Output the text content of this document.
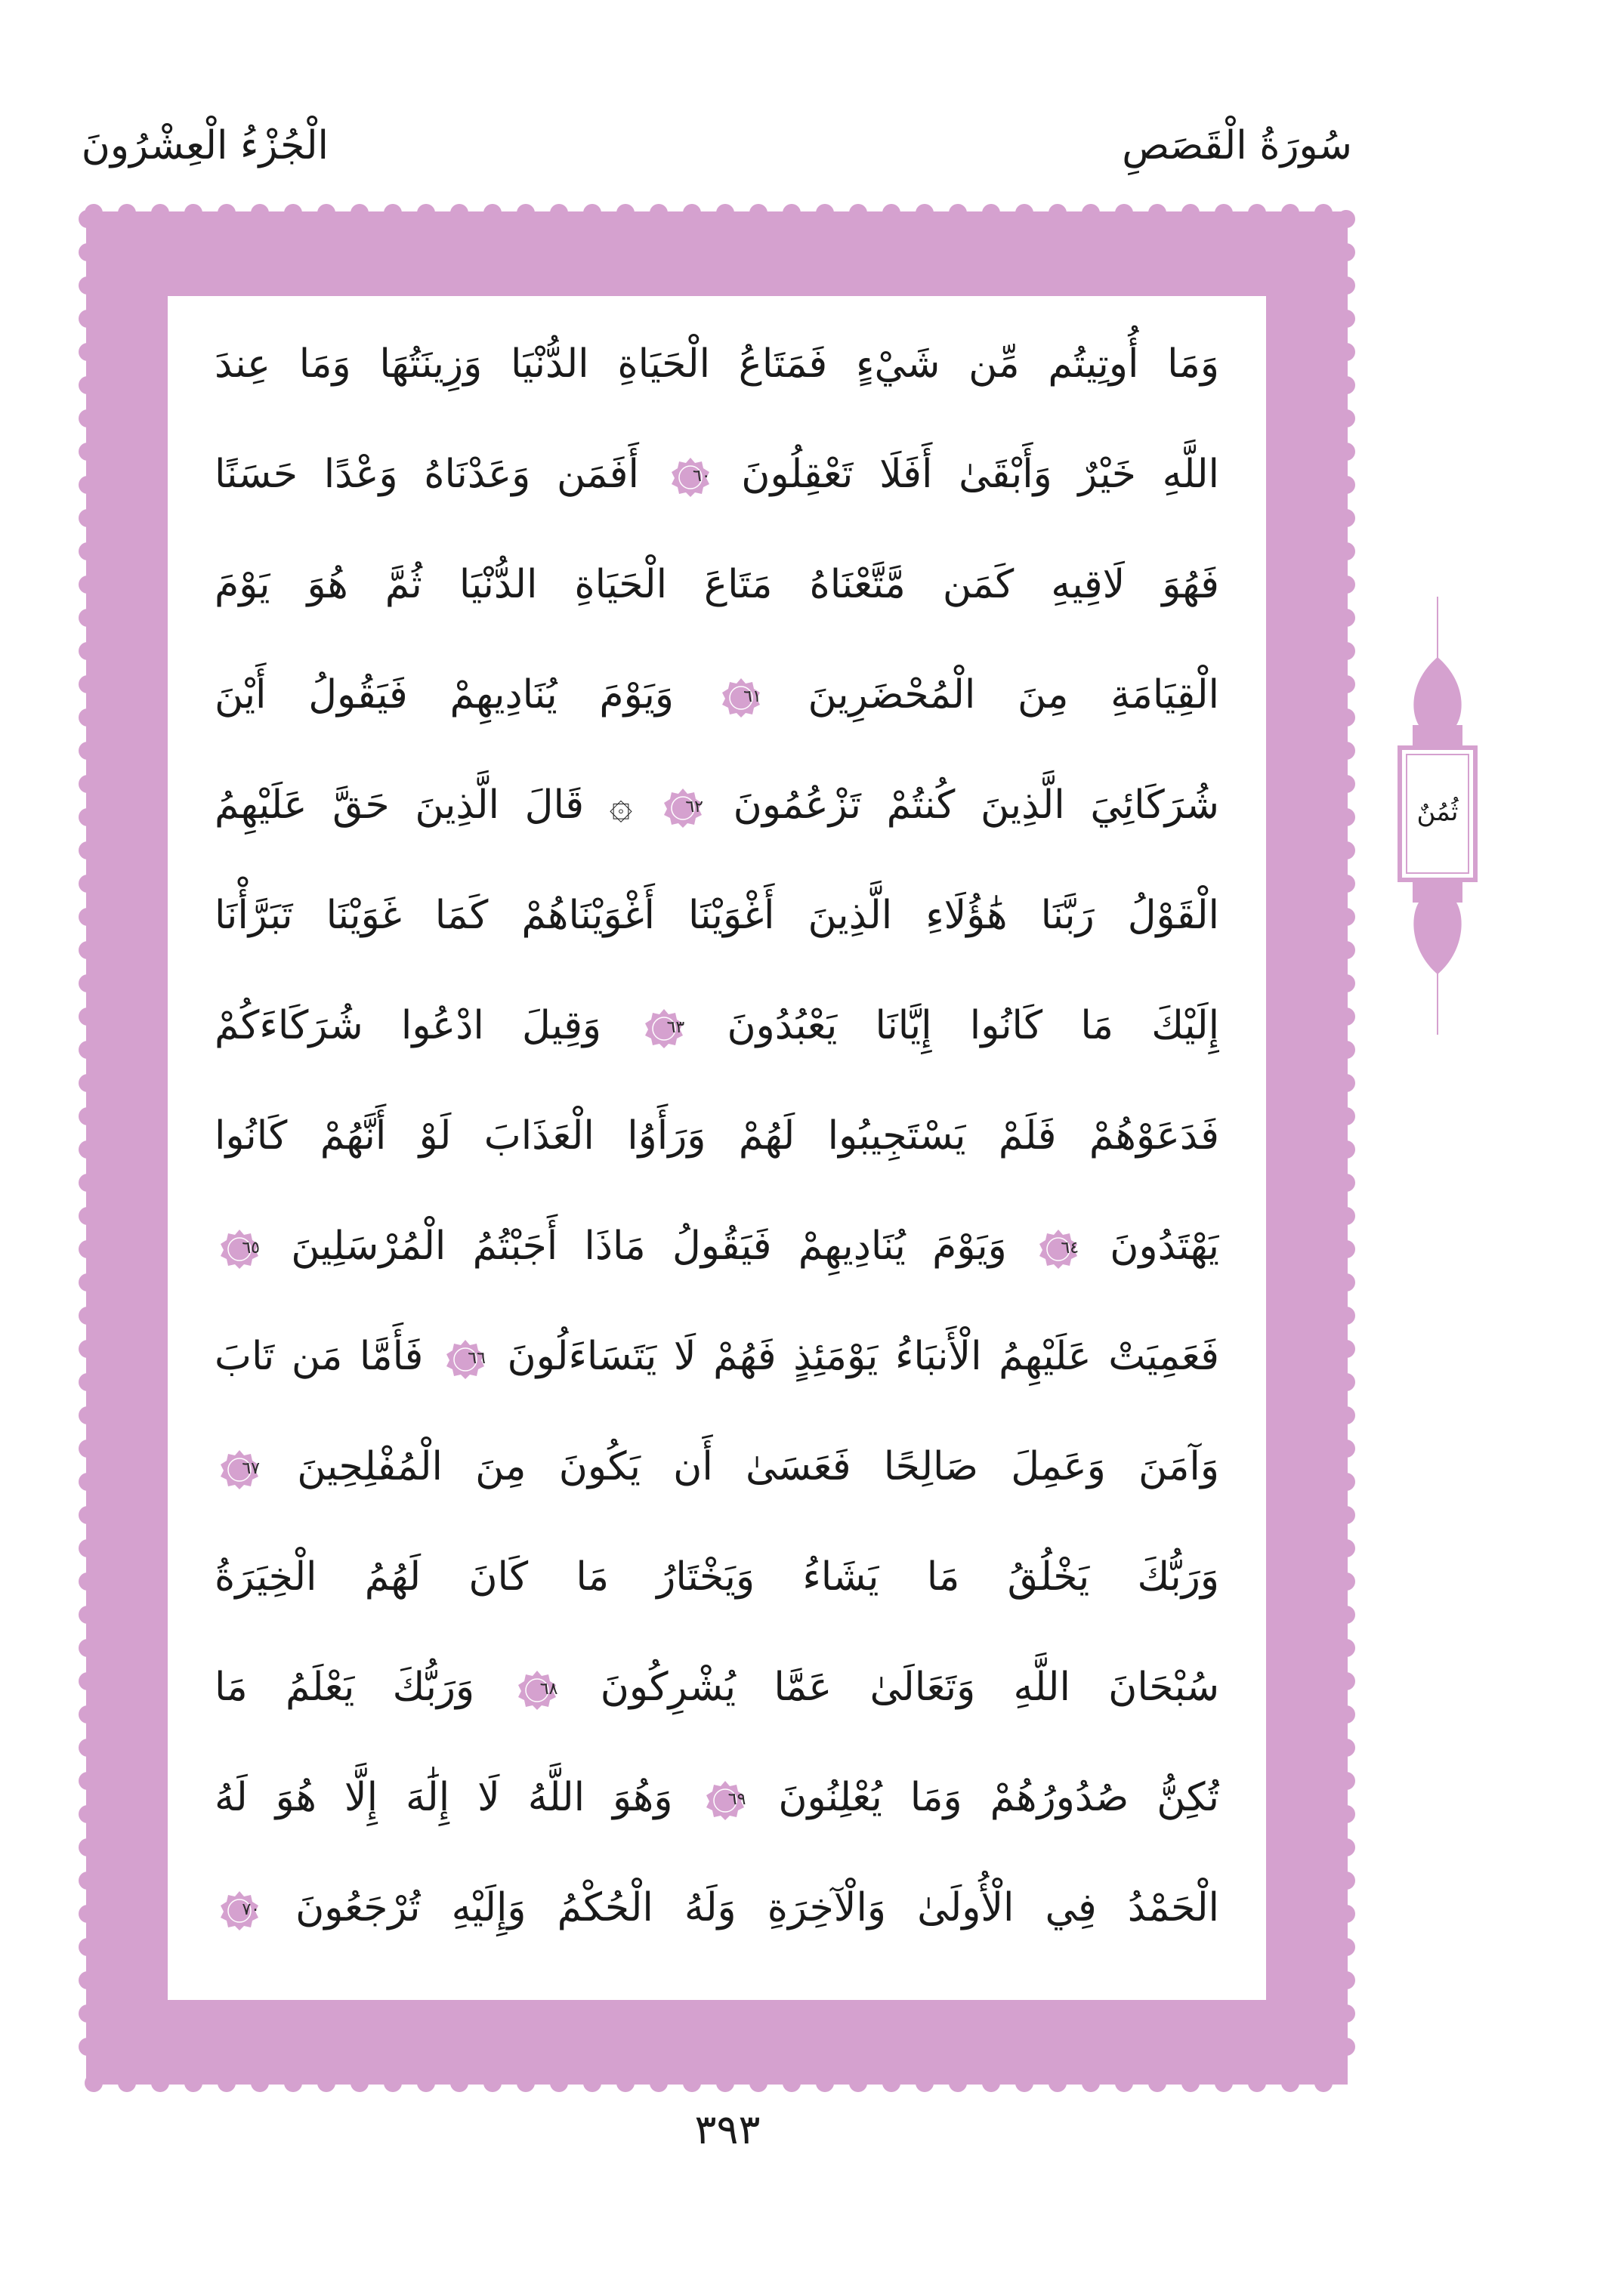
سُورَةُ الْقَصَصِ
الْجُزْءُ الْعِشْرُونَ
وَمَا أُوتِيتُم مِّن شَيْءٍ فَمَتَاعُ الْحَيَاةِ الدُّنْيَا وَزِينَتُهَا وَمَا عِندَ
اللَّهِ خَيْرٌ وَأَبْقَىٰ أَفَلَا تَعْقِلُونَ
٦٠
أَفَمَن وَعَدْنَاهُ وَعْدًا حَسَنًا
فَهُوَ لَاقِيهِ كَمَن مَّتَّعْنَاهُ مَتَاعَ الْحَيَاةِ الدُّنْيَا ثُمَّ هُوَ يَوْمَ
الْقِيَامَةِ مِنَ الْمُحْضَرِينَ
٦١
وَيَوْمَ يُنَادِيهِمْ فَيَقُولُ أَيْنَ
شُرَكَائِيَ الَّذِينَ كُنتُمْ تَزْعُمُونَ
٦٢
۞ قَالَ الَّذِينَ حَقَّ عَلَيْهِمُ
الْقَوْلُ رَبَّنَا هَٰؤُلَاءِ الَّذِينَ أَغْوَيْنَا أَغْوَيْنَاهُمْ كَمَا غَوَيْنَا تَبَرَّأْنَا
إِلَيْكَ مَا كَانُوا إِيَّانَا يَعْبُدُونَ
٦٣
وَقِيلَ ادْعُوا شُرَكَاءَكُمْ
فَدَعَوْهُمْ فَلَمْ يَسْتَجِيبُوا لَهُمْ وَرَأَوُا الْعَذَابَ لَوْ أَنَّهُمْ كَانُوا
يَهْتَدُونَ
٦٤
وَيَوْمَ يُنَادِيهِمْ فَيَقُولُ مَاذَا أَجَبْتُمُ الْمُرْسَلِينَ
٦٥
فَعَمِيَتْ عَلَيْهِمُ الْأَنبَاءُ يَوْمَئِذٍ فَهُمْ لَا يَتَسَاءَلُونَ
٦٦
فَأَمَّا مَن تَابَ
وَآمَنَ وَعَمِلَ صَالِحًا فَعَسَىٰ أَن يَكُونَ مِنَ الْمُفْلِحِينَ
٦٧
وَرَبُّكَ يَخْلُقُ مَا يَشَاءُ وَيَخْتَارُ مَا كَانَ لَهُمُ الْخِيَرَةُ
سُبْحَانَ اللَّهِ وَتَعَالَىٰ عَمَّا يُشْرِكُونَ
٦٨
وَرَبُّكَ يَعْلَمُ مَا
تُكِنُّ صُدُورُهُمْ وَمَا يُعْلِنُونَ
٦٩
وَهُوَ اللَّهُ لَا إِلَٰهَ إِلَّا هُوَ لَهُ
الْحَمْدُ فِي الْأُولَىٰ وَالْآخِرَةِ وَلَهُ الْحُكْمُ وَإِلَيْهِ تُرْجَعُونَ
٧٠
ثُمُنٌ
٣٩٣
